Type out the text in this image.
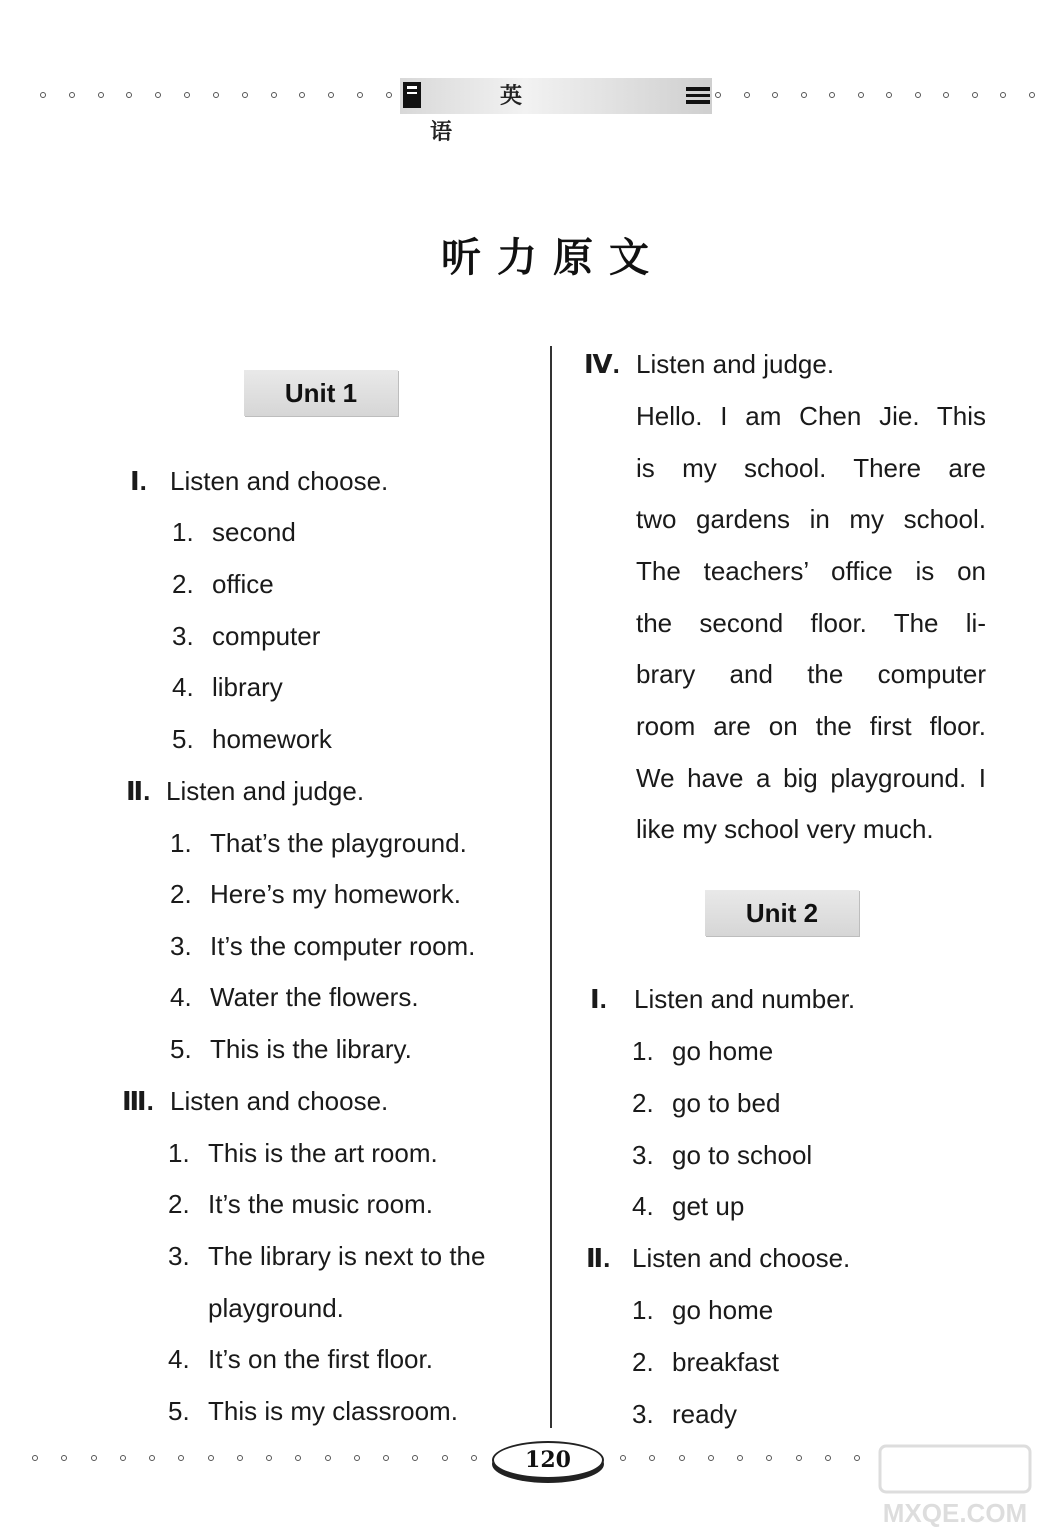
英 语
听力原文
Unit 1
Ⅰ. Listen and choose.
1. second
2. office
3. computer
4. library
5. homework
Ⅱ. Listen and judge.
1. That’s the playground.
2. Here’s my homework.
3. It’s the computer room.
4. Water the flowers.
5. This is the library.
Ⅲ. Listen and choose.
1. This is the art room.
2. It’s the music room.
3. The library is next to the
playground.
4. It’s on the first floor.
5. This is my classroom.
Ⅳ. Listen and judge.
Hello. I am Chen Jie. This
is my school. There are
two gardens in my school.
The teachers’ office is on
the second floor. The li-
brary and the computer
room are on the first floor.
We have a big playground. I
like my school very much.
Unit 2
Ⅰ. Listen and number.
1. go home
2. go to bed
3. go to school
4. get up
Ⅱ. Listen and choose.
1. go home
2. breakfast
3. ready
120
MXQE.COM
